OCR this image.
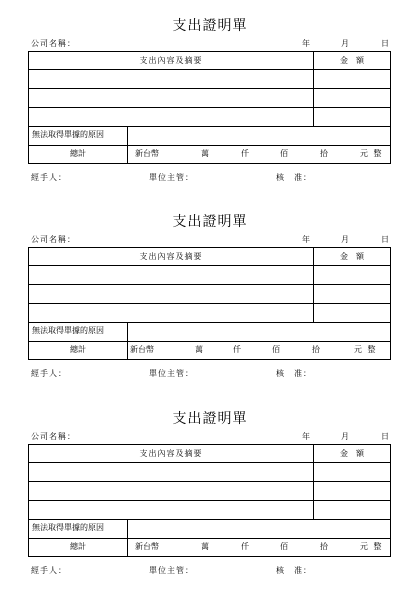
支出證明單
公司名稱：	年	月	日
支出內容及摘要	金　額
無法取得單據的原因
總計	新台幣	萬	仟	佰	拾	元 整
經手人：	單位主管：	核　准：
支出證明單
公司名稱：	年	月	日
支出內容及摘要	金　額
無法取得單據的原因
總計	新台幣	萬	仟	佰	拾	元 整
經手人：	單位主管：	核　准：
支出證明單
公司名稱：	年	月	日
支出內容及摘要	金　額
無法取得單據的原因
總計	新台幣	萬	仟	佰	拾	元 整
經手人：	單位主管：	核　准：
